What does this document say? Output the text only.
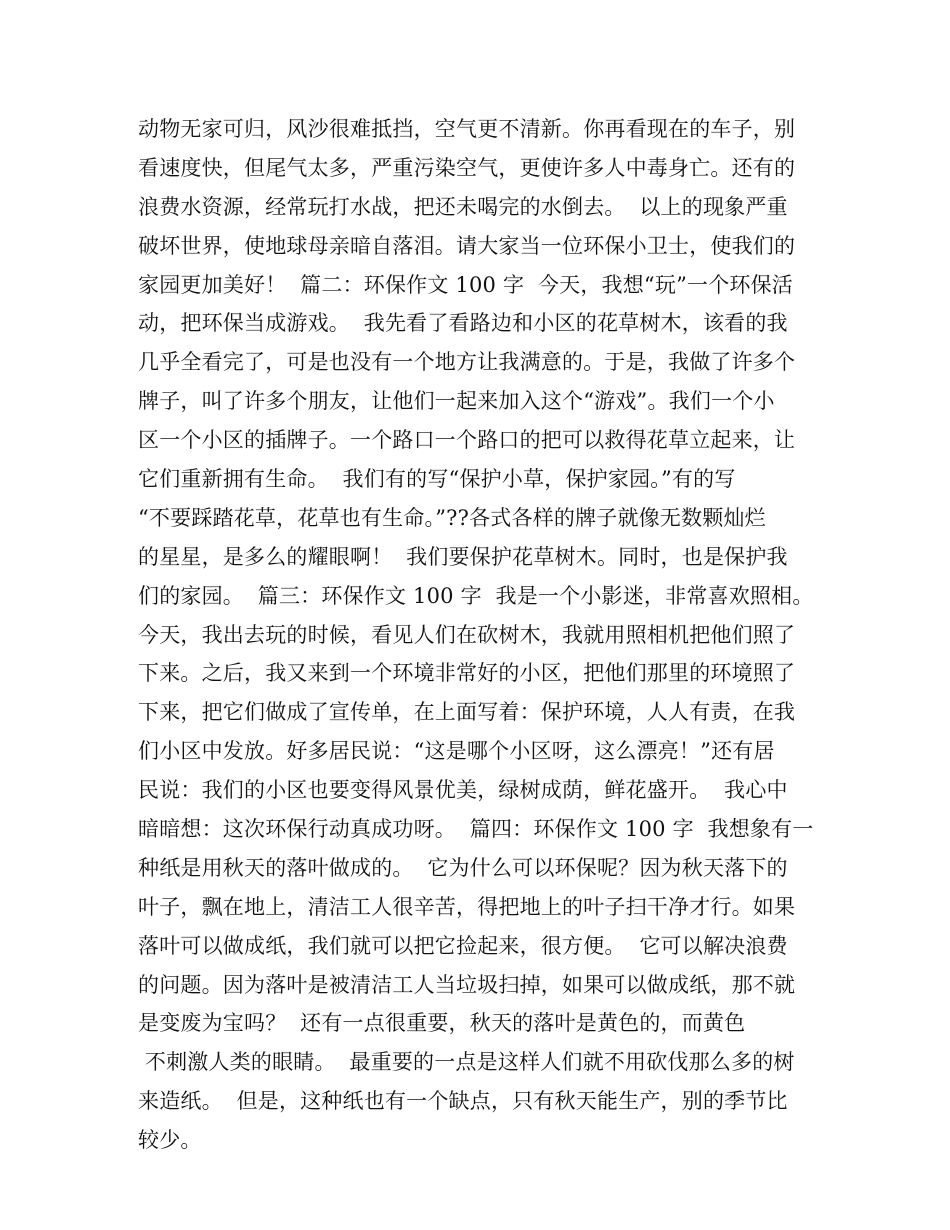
动物无家可归，风沙很难抵挡，空气更不清新。你再看现在的车子，别
看速度快，但尾气太多，严重污染空气，更使许多人中毒身亡。还有的
浪费水资源，经常玩打水战，把还未喝完的水倒去。  以上的现象严重
破坏世界，使地球母亲暗自落泪。请大家当一位环保小卫士，使我们的
家园更加美好！  篇二：环保作文 100 字  今天，我想“玩”一个环保活
动，把环保当成游戏。  我先看了看路边和小区的花草树木，该看的我
几乎全看完了，可是也没有一个地方让我满意的。于是，我做了许多个
牌子，叫了许多个朋友，让他们一起来加入这个“游戏”。我们一个小
区一个小区的插牌子。一个路口一个路口的把可以救得花草立起来，让
它们重新拥有生命。  我们有的写“保护小草，保护家园。”有的写
“不要踩踏花草，花草也有生命。”??各式各样的牌子就像无数颗灿烂
的星星，是多么的耀眼啊！  我们要保护花草树木。同时，也是保护我
们的家园。  篇三：环保作文 100 字  我是一个小影迷，非常喜欢照相。
今天，我出去玩的时候，看见人们在砍树木，我就用照相机把他们照了
下来。之后，我又来到一个环境非常好的小区，把他们那里的环境照了
下来，把它们做成了宣传单，在上面写着：保护环境，人人有责，在我
们小区中发放。好多居民说：“这是哪个小区呀，这么漂亮！”还有居
民说：我们的小区也要变得风景优美，绿树成荫，鲜花盛开。  我心中
暗暗想：这次环保行动真成功呀。  篇四：环保作文 100 字  我想象有一
种纸是用秋天的落叶做成的。  它为什么可以环保呢？因为秋天落下的
叶子，飘在地上，清洁工人很辛苦，得把地上的叶子扫干净才行。如果
落叶可以做成纸，我们就可以把它捡起来，很方便。  它可以解决浪费
的问题。因为落叶是被清洁工人当垃圾扫掉，如果可以做成纸，那不就
是变废为宝吗？  还有一点很重要，秋天的落叶是黄色的，而黄色
不刺激人类的眼睛。  最重要的一点是这样人们就不用砍伐那么多的树
来造纸。  但是，这种纸也有一个缺点，只有秋天能生产，别的季节比
较少。
